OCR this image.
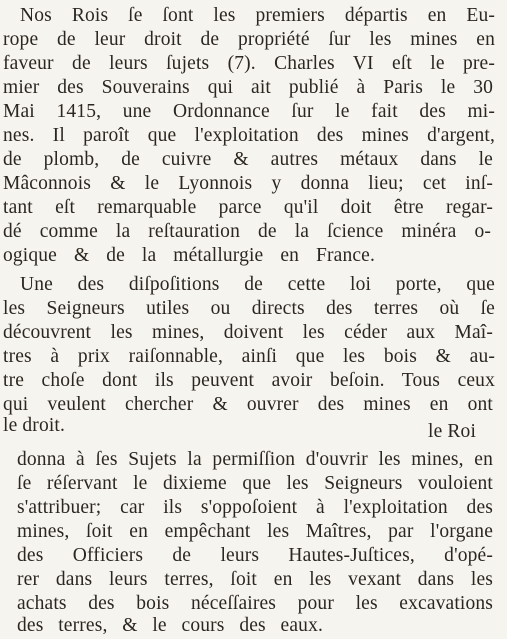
Nos Rois ſe ſont les premiers départis en Eu-
rope de leur droit de propriété ſur les mines en
faveur de leurs ſujets (7). Charles VI eſt le pre-
mier des Souverains qui ait publié à Paris le 30
Mai 1415, une Ordonnance ſur le fait des mi-
nes. Il paroît que l'exploitation des mines d'argent,
de plomb, de cuivre & autres métaux dans le
Mâconnois & le Lyonnois y donna lieu; cet inſ-
tant eſt remarquable parce qu'il doit être regar-
dé comme la reſtauration de la ſcience minéra o-
ogique & de la métallurgie en France.
Une des diſpoſitions de cette loi porte, que
les Seigneurs utiles ou directs des terres où ſe
découvrent les mines, doivent les céder aux Maî-
tres à prix raiſonnable, ainſi que les bois & au-
tre choſe dont ils peuvent avoir beſoin. Tous ceux
qui veulent chercher & ouvrer des mines en ont
le droit.	le Roi
donna à ſes Sujets la permiſſion d'ouvrir les mines, en
ſe réſervant le dixieme que les Seigneurs vouloient
s'attribuer; car ils s'oppoſoient à l'exploitation des
mines, ſoit en empêchant les Maîtres, par l'organe
des Officiers de leurs Hautes-Juſtices, d'opé-
rer dans leurs terres, ſoit en les vexant dans les
achats des bois néceſſaires pour les excavations
des terres, & le cours des eaux.
